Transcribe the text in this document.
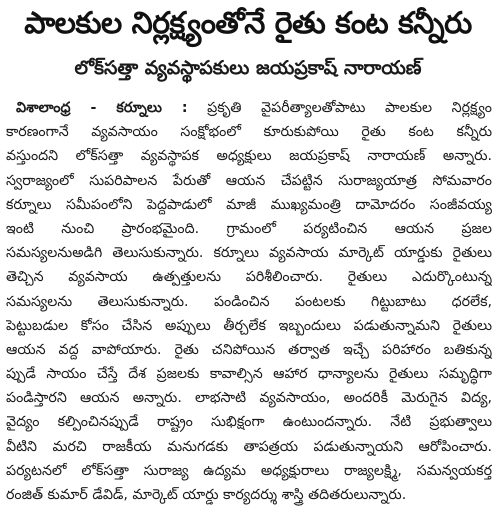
పాలకుల నిర్లక్ష్యంతోనే రైతు కంట కన్నీరు
లోక్‌సత్తా వ్యవస్థాపకులు జయప్రకాష్ నారాయణ్
విశాలాంధ్ర - కర్నూలు : ప్రకృతి వైపరీత్యాలతోపాటు పాలకుల నిర్లక్ష్యం
కారణంగానే వ్యవసాయం సంక్షోభంలో కూరుకుపోయి రైతు కంట కన్నీరు
వస్తుందని లోక్‌సత్తా వ్యవస్థాపక అధ్యక్షులు జయప్రకాష్ నారాయణ్ అన్నారు.
స్వరాజ్యంలో సుపరిపాలన పేరుతో ఆయన చేపట్టిన సురాజ్యయాత్ర సోమవారం
కర్నూలు సమీపంలోని పెద్దపాడులో మాజీ ముఖ్యమంత్రి దామోదరం సంజీవయ్య
ఇంటి నుంచి ప్రారంభమైంది. గ్రామంలో పర్యటించిన ఆయన ప్రజల
సమస్యలనుఅడిగి తెలుసుకున్నారు. కర్నూలు వ్యవసాయ మార్కెట్ యార్డుకు రైతులు
తెచ్చిన వ్యవసాయ ఉత్పత్తులను పరిశీలించారు. రైతులు ఎదుర్కొంటున్న
సమస్యలను తెలుసుకున్నారు. పండించిన పంటలకు గిట్టుబాటు ధరలేక,
పెట్టుబడుల కోసం చేసిన అప్పులు తీర్చలేక ఇబ్బందులు పడుతున్నామని రైతులు
ఆయన వద్ద వాపోయారు. రైతు చనిపోయిన తర్వాత ఇచ్చే పరిహారం బతికున్న
ప్పుడే సాయం చేస్తే దేశ ప్రజలకు కావాల్సిన ఆహార ధాన్యాలను రైతులు సమృద్ధిగా
పండిస్తారని ఆయన అన్నారు. లాభసాటి వ్యవసాయం, అందరికీ మెరుగైన విద్య,
వైద్యం కల్పించినప్పుడే రాష్ట్రం సుభిక్షంగా ఉంటుందన్నారు. నేటి ప్రభుత్వాలు
వీటిని మరచి రాజకీయ మనుగడకు తాపత్రయ పడుతున్నాయని ఆరోపించారు.
పర్యటనలో లోక్‌సత్తా సురాజ్య ఉద్యమ అధ్యక్షురాలు రాజ్యలక్ష్మి, సమన్వయకర్త
రంజిత్ కుమార్ డేవిడ్, మార్కెట్ యార్డు కార్యదర్శు శాస్త్రి తదితరులున్నారు.
